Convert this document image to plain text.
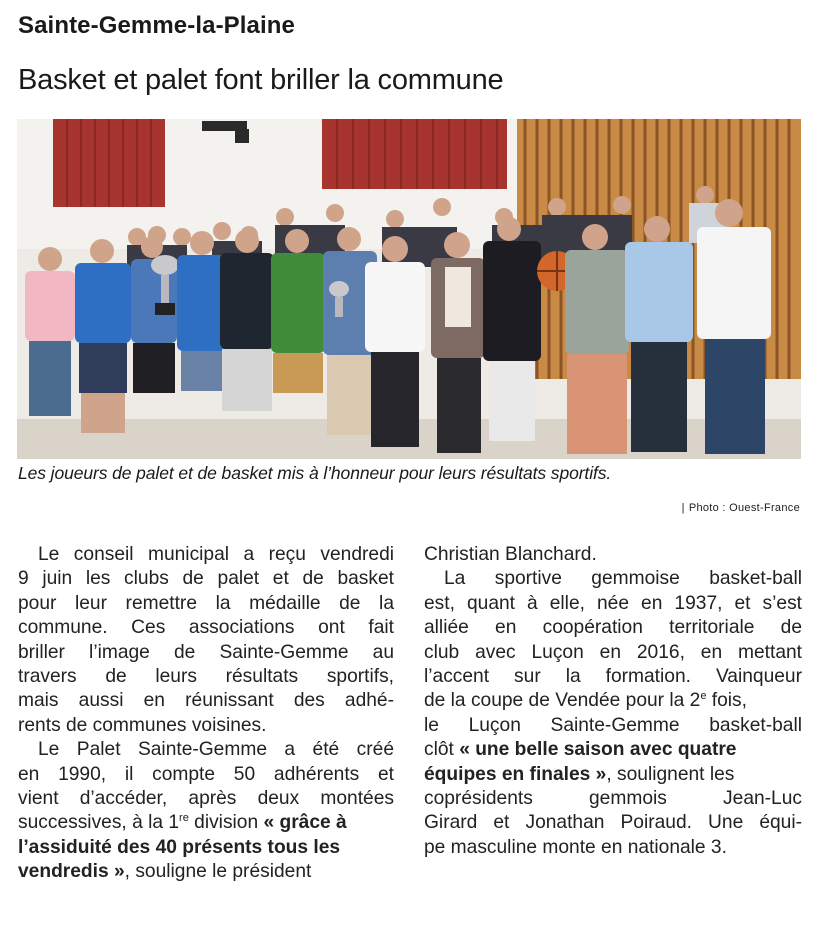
Sainte-Gemme-la-Plaine
Basket et palet font briller la commune
Les joueurs de palet et de basket mis à l’honneur pour leurs résultats sportifs.
| Photo : Ouest-France
Le conseil municipal a reçu vendredi
9 juin les clubs de palet et de basket
pour leur remettre la médaille de la
commune. Ces associations ont fait
briller l’image de Sainte-Gemme au
travers de leurs résultats sportifs,
mais aussi en réunissant des adhé-
rents de communes voisines.
Le Palet Sainte-Gemme a été créé
en 1990, il compte 50 adhérents et
vient d’accéder, après deux montées
successives, à la 1re division « grâce à
l’assiduité des 40 présents tous les
vendredis », souligne le président
Christian Blanchard.
La sportive gemmoise basket-ball
est, quant à elle, née en 1937, et s’est
alliée en coopération territoriale de
club avec Luçon en 2016, en mettant
l’accent sur la formation. Vainqueur
de la coupe de Vendée pour la 2e fois,
le Luçon Sainte-Gemme basket-ball
clôt « une belle saison avec quatre
équipes en finales », soulignent les
coprésidents gemmois Jean-Luc
Girard et Jonathan Poiraud. Une équi-
pe masculine monte en nationale 3.
